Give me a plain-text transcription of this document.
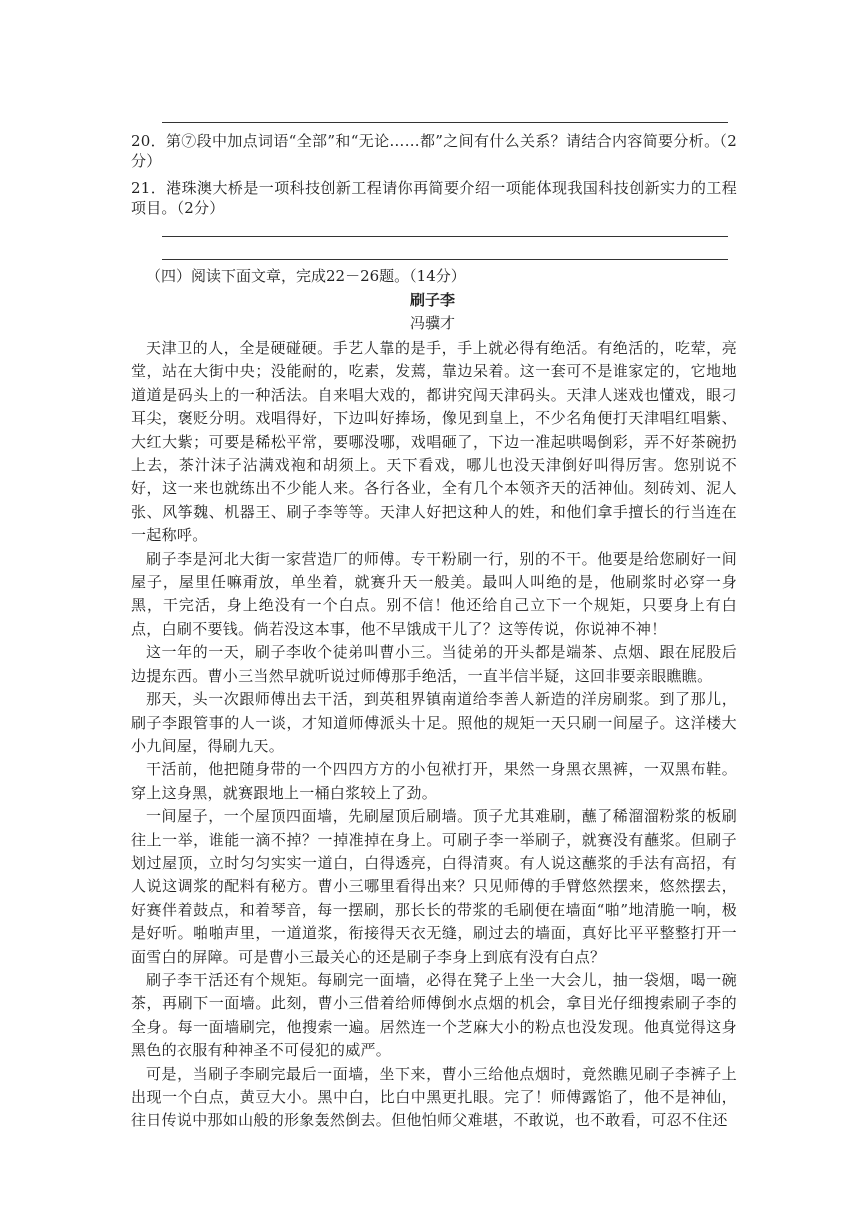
20．第⑦段中加点词语“全部”和“无论……都”之间有什么关系？请结合内容简要分析。（2分）

21．港珠澳大桥是一项科技创新工程请你再简要介绍一项能体现我国科技创新实力的工程项目。（2分）

（四）阅读下面文章，完成22－26题。（14分）

刷子李

冯骥才

天津卫的人，全是硬碰硬。手艺人靠的是手，手上就必得有绝活。有绝活的，吃荤，亮堂，站在大街中央；没能耐的，吃素，发蔫，靠边呆着。这一套可不是谁家定的，它地地道道是码头上的一种活法。自来唱大戏的，都讲究闯天津码头。天津人迷戏也懂戏，眼刁耳尖，褒贬分明。戏唱得好，下边叫好捧场，像见到皇上，不少名角便打天津唱红唱紫、大红大紫；可要是稀松平常，要哪没哪，戏唱砸了，下边一准起哄喝倒彩，弄不好茶碗扔上去，茶汁沫子沾满戏袍和胡须上。天下看戏，哪儿也没天津倒好叫得厉害。您别说不好，这一来也就练出不少能人来。各行各业，全有几个本领齐天的活神仙。刻砖刘、泥人张、风筝魏、机器王、刷子李等等。天津人好把这种人的姓，和他们拿手擅长的行当连在一起称呼。

刷子李是河北大街一家营造厂的师傅。专干粉刷一行，别的不干。他要是给您刷好一间屋子，屋里任嘛甭放，单坐着，就赛升天一般美。最叫人叫绝的是，他刷浆时必穿一身黑，干完活，身上绝没有一个白点。别不信！他还给自己立下一个规矩，只要身上有白点，白刷不要钱。倘若没这本事，他不早饿成干儿了？这等传说，你说神不神！

这一年的一天，刷子李收个徒弟叫曹小三。当徒弟的开头都是端茶、点烟、跟在屁股后边提东西。曹小三当然早就听说过师傅那手绝活，一直半信半疑，这回非要亲眼瞧瞧。

那天，头一次跟师傅出去干活，到英租界镇南道给李善人新造的洋房刷浆。到了那儿，刷子李跟管事的人一谈，才知道师傅派头十足。照他的规矩一天只刷一间屋子。这洋楼大小九间屋，得刷九天。

干活前，他把随身带的一个四四方方的小包袱打开，果然一身黑衣黑裤，一双黑布鞋。穿上这身黑，就赛跟地上一桶白浆较上了劲。

一间屋子，一个屋顶四面墙，先刷屋顶后刷墙。顶子尤其难刷，蘸了稀溜溜粉浆的板刷往上一举，谁能一滴不掉？一掉准掉在身上。可刷子李一举刷子，就赛没有蘸浆。但刷子划过屋顶，立时匀匀实实一道白，白得透亮，白得清爽。有人说这蘸浆的手法有高招，有人说这调浆的配料有秘方。曹小三哪里看得出来？只见师傅的手臂悠然摆来，悠然摆去，好赛伴着鼓点，和着琴音，每一摆刷，那长长的带浆的毛刷便在墙面“啪”地清脆一响，极是好听。啪啪声里，一道道浆，衔接得天衣无缝，刷过去的墙面，真好比平平整整打开一面雪白的屏障。可是曹小三最关心的还是刷子李身上到底有没有白点？

刷子李干活还有个规矩。每刷完一面墙，必得在凳子上坐一大会儿，抽一袋烟，喝一碗茶，再刷下一面墙。此刻，曹小三借着给师傅倒水点烟的机会，拿目光仔细搜索刷子李的全身。每一面墙刷完，他搜索一遍。居然连一个芝麻大小的粉点也没发现。他真觉得这身黑色的衣服有种神圣不可侵犯的威严。

可是，当刷子李刷完最后一面墙，坐下来，曹小三给他点烟时，竟然瞧见刷子李裤子上出现一个白点，黄豆大小。黑中白，比白中黑更扎眼。完了！师傅露馅了，他不是神仙，往日传说中那如山般的形象轰然倒去。但他怕师父难堪，不敢说，也不敢看，可忍不住还
